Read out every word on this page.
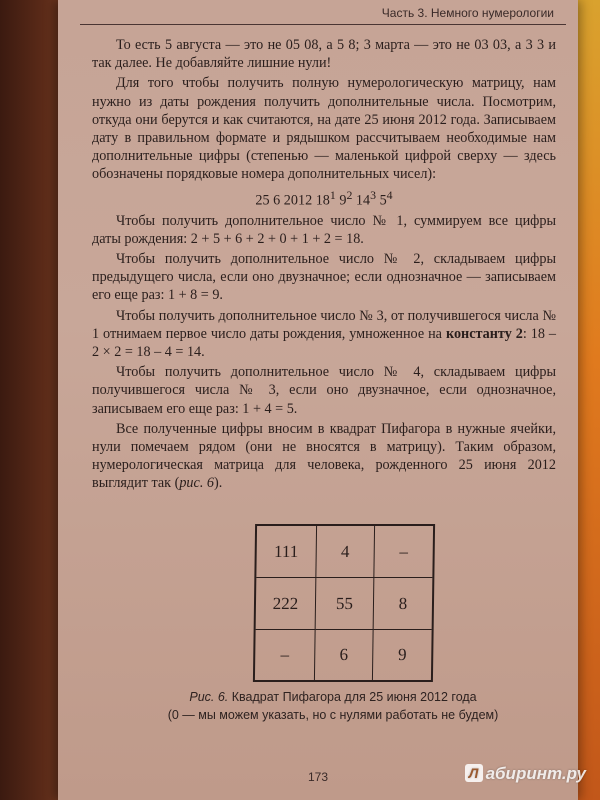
Часть 3. Немного нумерологии

То есть 5 августа — это не 05 08, а 5 8; 3 марта — это не 03 03, а 3 3 и так далее. Не добавляйте лишние нули!

Для того чтобы получить полную нумерологическую матрицу, нам нужно из даты рождения получить дополнительные числа. Посмотрим, откуда они берутся и как считаются, на дате 25 июня 2012 года. Записываем дату в правильном формате и рядышком рассчитываем необходимые нам дополнительные цифры (степенью — маленькой цифрой сверху — здесь обозначены порядковые номера дополнительных чисел):

25 6 2012 $18^1$ $9^2$ $14^3$ $5^4$

Чтобы получить дополнительное число № 1, суммируем все цифры даты рождения: 2 + 5 + 6 + 2 + 0 + 1 + 2 = 18.

Чтобы получить дополнительное число № 2, складываем цифры предыдущего числа, если оно двузначное; если однозначное — записываем его еще раз: 1 + 8 = 9.

Чтобы получить дополнительное число № 3, от получившегося числа № 1 отнимаем первое число даты рождения, умноженное на константу 2: 18 – 2 × 2 = 18 – 4 = 14.

Чтобы получить дополнительное число № 4, складываем цифры получившегося числа № 3, если оно двузначное, если однозначное, записываем его еще раз: 1 + 4 = 5.

Все полученные цифры вносим в квадрат Пифагора в нужные ячейки, нули помечаем рядом (они не вносятся в матрицу). Таким образом, нумерологическая матрица для человека, рожденного 25 июня 2012 выглядит так (рис. 6).

111	4	–
222	55	8
–	6	9
Рис. 6. Квадрат Пифагора для 25 июня 2012 года
(0 — мы можем указать, но с нулями работать не будем)
173	Л абиринт.ру
